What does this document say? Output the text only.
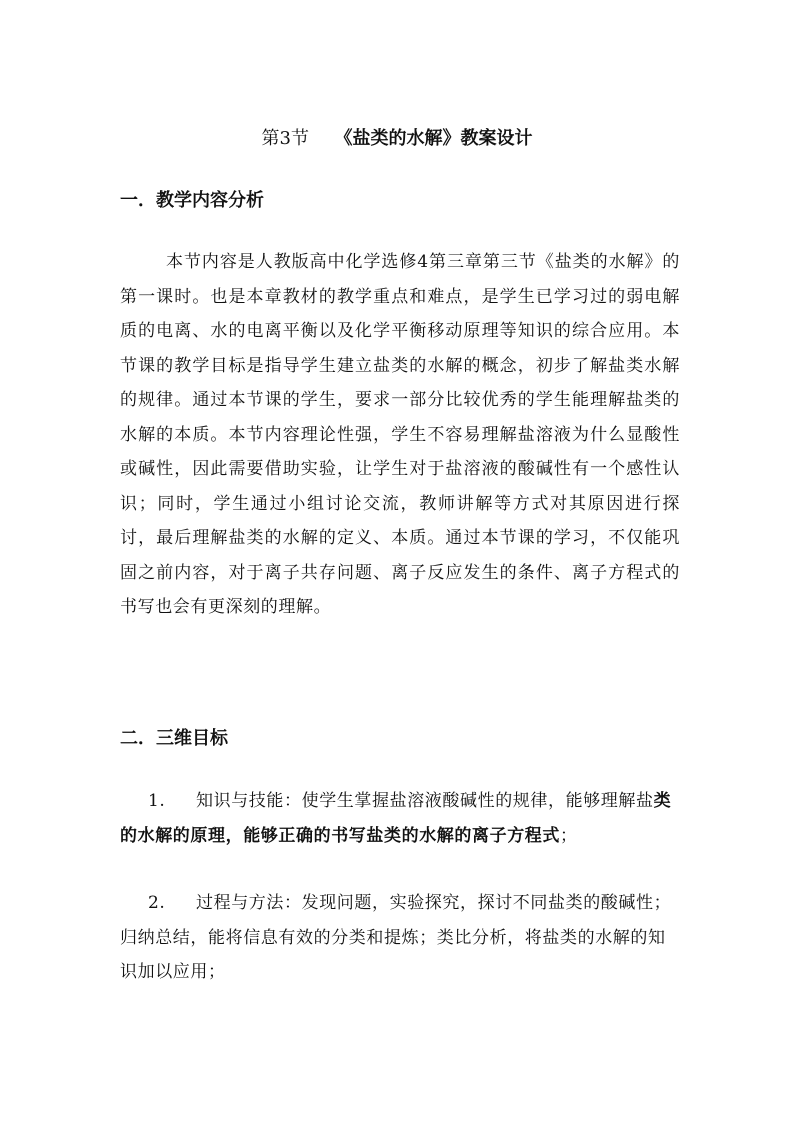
第3节 《盐类的水解》教案设计
一．教学内容分析

本节内容是人教版高中化学选修4第三章第三节《盐类的水解》的第一课时。也是本章教材的教学重点和难点，是学生已学习过的弱电解质的电离、水的电离平衡以及化学平衡移动原理等知识的综合应用。本节课的教学目标是指导学生建立盐类的水解的概念，初步了解盐类水解的规律。通过本节课的学生，要求一部分比较优秀的学生能理解盐类的水解的本质。本节内容理论性强，学生不容易理解盐溶液为什么显酸性或碱性，因此需要借助实验，让学生对于盐溶液的酸碱性有一个感性认识；同时，学生通过小组讨论交流，教师讲解等方式对其原因进行探讨，最后理解盐类的水解的定义、本质。通过本节课的学习，不仅能巩固之前内容，对于离子共存问题、离子反应发生的条件、离子方程式的书写也会有更深刻的理解。

二．三维目标

1. 知识与技能：使学生掌握盐溶液酸碱性的规律，能够理解盐类的水解的原理，能够正确的书写盐类的水解的离子方程式；

2. 过程与方法：发现问题，实验探究，探讨不同盐类的酸碱性；归纳总结，能将信息有效的分类和提炼；类比分析，将盐类的水解的知识加以应用；
